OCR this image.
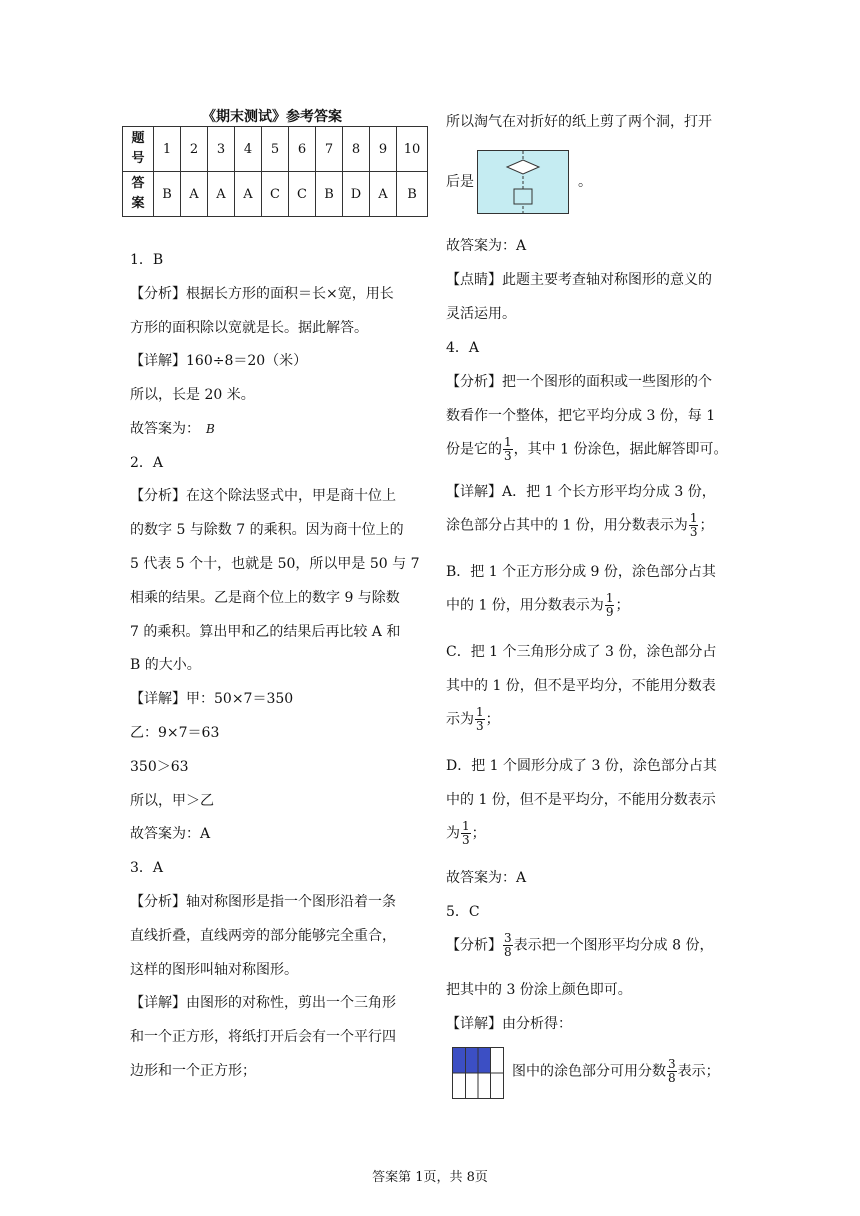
《期末测试》参考答案
题
号	1	2	3	4	5	6	7	8	9	10
答
案	B	A	A	A	C	C	B	D	A	B
1．B
【分析】根据长方形的面积＝长×宽，用长
方形的面积除以宽就是长。据此解答。
【详解】160÷8＝20（米）
所以，长是 20 米。
故答案为： B
2．A
【分析】在这个除法竖式中，甲是商十位上
的数字 5 与除数 7 的乘积。因为商十位上的
5 代表 5 个十，也就是 50，所以甲是 50 与 7
相乘的结果。乙是商个位上的数字 9 与除数
7 的乘积。算出甲和乙的结果后再比较 A 和
B 的大小。
【详解】甲：50×7＝350
乙：9×7＝63
350＞63
所以，甲＞乙
故答案为：A
3．A
【分析】轴对称图形是指一个图形沿着一条
直线折叠，直线两旁的部分能够完全重合，
这样的图形叫轴对称图形。
【详解】由图形的对称性，剪出一个三角形
和一个正方形，将纸打开后会有一个平行四
边形和一个正方形；
所以淘气在对折好的纸上剪了两个洞，打开
后是	。
故答案为：A
【点睛】此题主要考查轴对称图形的意义的
灵活运用。
4．A
【分析】把一个图形的面积或一些图形的个
数看作一个整体，把它平均分成 3 份，每 1
份是它的 $\frac{1}{3}$ ，其中 1 份涂色，据此解答即可。
【详解】A．把 1 个长方形平均分成 3 份，
涂色部分占其中的 1 份，用分数表示为 $\frac{1}{3}$ ；
B．把 1 个正方形分成 9 份，涂色部分占其
中的 1 份，用分数表示为 $\frac{1}{9}$ ；
C．把 1 个三角形分成了 3 份，涂色部分占
其中的 1 份，但不是平均分，不能用分数表
示为 $\frac{1}{3}$ ；
D．把 1 个圆形分成了 3 份，涂色部分占其
中的 1 份，但不是平均分，不能用分数表示
为 $\frac{1}{3}$ ；
故答案为：A
5．C
【分析】 $\frac{3}{8}$ 表示把一个图形平均分成 8 份，
把其中的 3 份涂上颜色即可。
【详解】由分析得：
图中的涂色部分可用分数 $\frac{3}{8}$ 表示；
答案第 1页，共 8页
